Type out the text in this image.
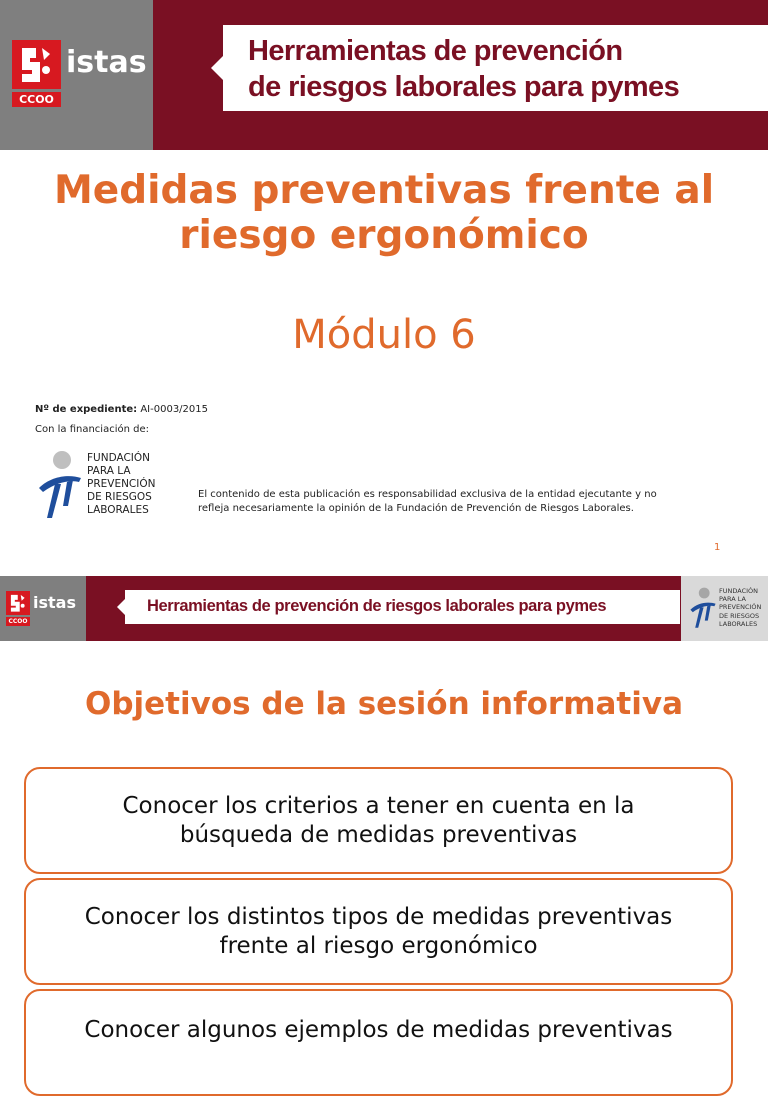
CCOO
istas	Herramientas de prevención
de riesgos laborales para pymes
Medidas preventivas frente al
riesgo ergonómico
Módulo 6
Nº de expediente: AI-0003/2015
Con la financiación de:
FUNDACIÓN
PARA LA
PREVENCIÓN
DE RIESGOS
LABORALES
El contenido de esta publicación es responsabilidad exclusiva de la entidad ejecutante y no
refleja necesariamente la opinión de la Fundación de Prevención de Riesgos Laborales.
1
CCOO
istas	Herramientas de prevención de riesgos laborales para pymes
FUNDACIÓN
PARA LA
PREVENCIÓN
DE RIESGOS
LABORALES
Objetivos de la sesión informativa
Conocer los criterios a tener en cuenta en la
búsqueda de medidas preventivas
Conocer los distintos tipos de medidas preventivas
frente al riesgo ergonómico
Conocer algunos ejemplos de medidas preventivas
